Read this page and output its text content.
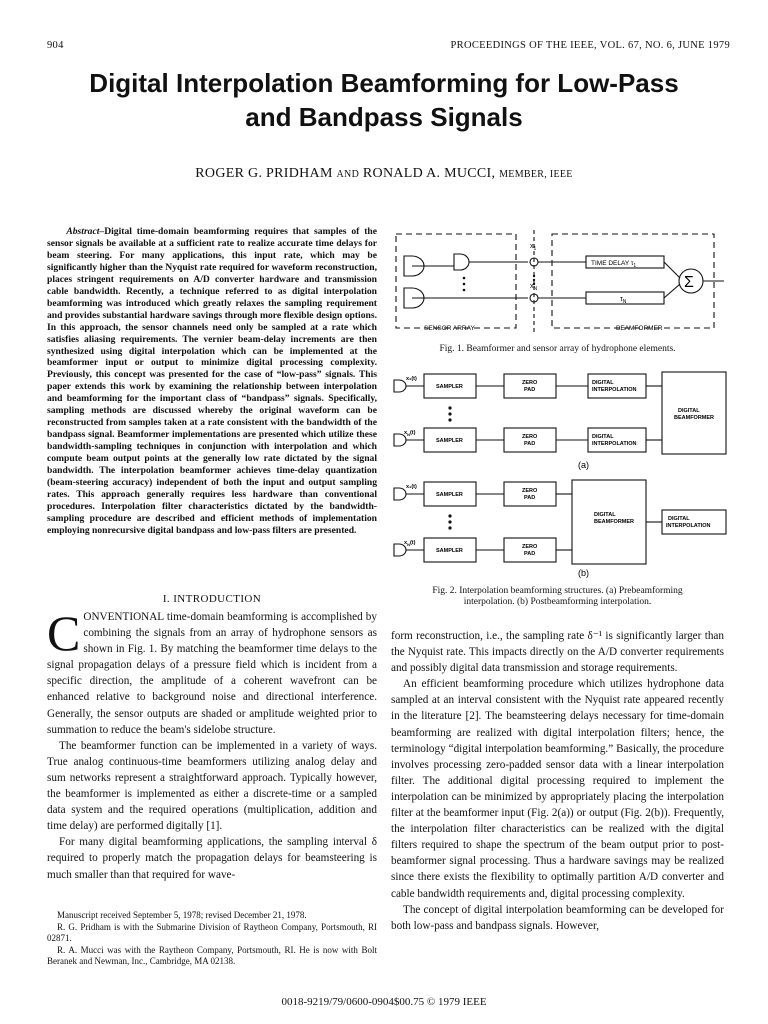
904	PROCEEDINGS OF THE IEEE, VOL. 67, NO. 6, JUNE 1979
Digital Interpolation Beamforming for Low-Pass
and Bandpass Signals
ROGER G. PRIDHAM AND RONALD A. MUCCI, MEMBER, IEEE
Abstract–Digital time-domain beamforming requires that samples of the sensor signals be available at a sufficient rate to realize accurate time delays for beam steering. For many applications, this input rate, which may be significantly higher than the Nyquist rate required for waveform reconstruction, places stringent requirements on A/D converter hardware and transmission cable bandwidth. Recently, a technique referred to as digital interpolation beamforming was introduced which greatly relaxes the sampling requirement and provides substantial hardware savings through more flexible design options. In this approach, the sensor channels need only be sampled at a rate which satisfies aliasing requirements. The vernier beam-delay increments are then synthesized using digital interpolation which can be implemented at the beamformer input or output to minimize digital processing complexity. Previously, this concept was presented for the case of “low-pass” signals. This paper extends this work by examining the relationship between interpolation and beamforming for the important class of “bandpass” signals. Specifically, sampling methods are discussed whereby the original waveform can be reconstructed from samples taken at a rate consistent with the bandwidth of the bandpass signal. Beamformer implementations are presented which utilize these bandwidth-sampling techniques in conjunction with interpolation and which compute beam output points at the generally low rate dictated by the signal bandwidth. The interpolation beamformer achieves time-delay quantization (beam-steering accuracy) independent of both the input and output sampling rates. This approach generally requires less hardware than conventional procedures. Interpolation filter characteristics dictated by the bandwidth-sampling procedure are described and efficient methods of implementation employing nonrecursive digital bandpass and low-pass filters are presented.
I. INTRODUCTION

CONVENTIONAL time-domain beamforming is accomplished by combining the signals from an array of hydrophone sensors as shown in Fig. 1. By matching the beamformer time delays to the signal propagation delays of a pressure field which is incident from a specific direction, the amplitude of a coherent wavefront can be enhanced relative to background noise and directional interference. Generally, the sensor outputs are shaded or amplitude weighted prior to summation to reduce the beam's sidelobe structure.

The beamformer function can be implemented in a variety of ways. True analog continuous-time beamformers utilizing analog delay and sum networks represent a straightforward approach. Typically however, the beamformer is implemented as either a discrete-time or a sampled data system and the required operations (multiplication, addition and time delay) are performed digitally [1].

For many digital beamforming applications, the sampling interval δ required to properly match the propagation delays for beamsteering is much smaller than that required for wave-

Manuscript received September 5, 1978; revised December 21, 1978.

R. G. Pridham is with the Submarine Division of Raytheon Company, Portsmouth, RI 02871.

R. A. Mucci was with the Raytheon Company, Portsmouth, RI. He is now with Bolt Beranek and Newman, Inc., Cambridge, MA 02138.

form reconstruction, i.e., the sampling rate δ⁻¹ is significantly larger than the Nyquist rate. This impacts directly on the A/D converter requirements and possibly digital data transmission and storage requirements.

An efficient beamforming procedure which utilizes hydrophone data sampled at an interval consistent with the Nyquist rate appeared recently in the literature [2]. The beamsteering delays necessary for time-domain beamforming are realized with digital interpolation filters; hence, the terminology “digital interpolation beamforming.” Basically, the procedure involves processing zero-padded sensor data with a linear interpolation filter. The additional digital processing required to implement the interpolation can be minimized by appropriately placing the interpolation filter at the beamformer input (Fig. 2(a)) or output (Fig. 2(b)). Frequently, the interpolation filter characteristics can be realized with the digital filters required to shape the spectrum of the beam output prior to post-beamformer signal processing. Thus a hardware savings may be realized since there exists the flexibility to optimally partition A/D converter and cable bandwidth requirements and, digital processing complexity.

The concept of digital interpolation beamforming can be developed for both low-pass and bandpass signals. However,

0018-9219/79/0600-0904$00.75 © 1979 IEEE
$x_1$
$x_N$
TIME DELAY $\tau_1$
$\tau_N$
Σ
SENSOR ARRAY	BEAMFORMER
Fig. 1. Beamformer and sensor array of hydrophone elements.
x₁(t)
$x_N(t)$
x₁(t)
$x_N(t)$
SAMPLER
SAMPLER
SAMPLER
SAMPLER
ZERO
PAD
ZERO
PAD
ZERO
PAD
ZERO
PAD
DIGITAL
INTERPOLATION
DIGITAL
INTERPOLATION
DIGITAL
BEAMFORMER
DIGITAL
BEAMFORMER	DIGITAL
INTERPOLATION
(a)
(b)
Fig. 2. Interpolation beamforming structures. (a) Prebeamforming
interpolation. (b) Postbeamforming interpolation.
